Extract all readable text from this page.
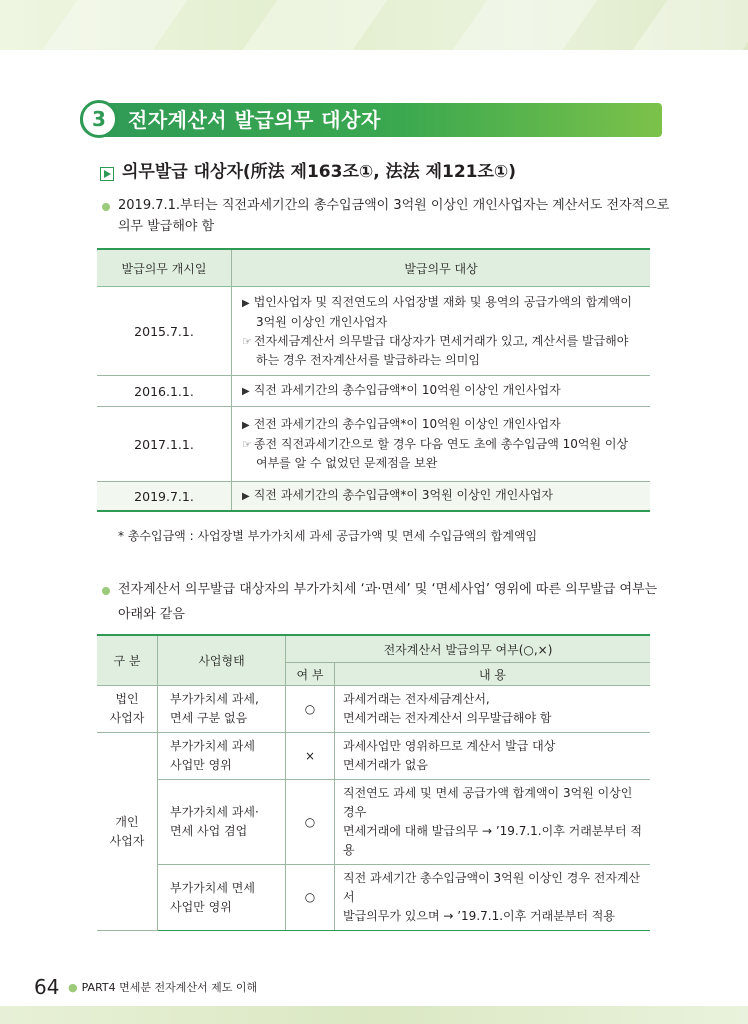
3	전자계산서 발급의무 대상자
의무발급 대상자(所法 제163조①, 法法 제121조①)
2019.7.1.부터는 직전과세기간의 총수입금액이 3억원 이상인 개인사업자는 계산서도 전자적으로
의무 발급해야 함
발급의무 개시일	발급의무 대상
2015.7.1.	▶ 법인사업자 및 직전연도의 사업장별 재화 및 용역의 공급가액의 합계액이
3억원 이상인 개인사업자
☞ 전자세금계산서 의무발급 대상자가 면세거래가 있고, 계산서를 발급해야
하는 경우 전자계산서를 발급하라는 의미임

2016.1.1.	▶ 직전 과세기간의 총수입금액*이 10억원 이상인 개인사업자

2017.1.1.	▶ 전전 과세기간의 총수입금액*이 10억원 이상인 개인사업자
☞ 종전 직전과세기간으로 할 경우 다음 연도 초에 총수입금액 10억원 이상
여부를 알 수 없었던 문제점을 보완

2019.7.1.	▶ 직전 과세기간의 총수입금액*이 3억원 이상인 개인사업자
* 총수입금액 : 사업장별 부가가치세 과세 공급가액 및 면세 수입금액의 합계액임
전자계산서 의무발급 대상자의 부가가치세 ‘과·면세’ 및 ‘면세사업’ 영위에 따른 의무발급 여부는
아래와 같음
구 분	사업형태	전자계산서 발급의무 여부(○,×)	
		여 부	내 용

법인
사업자	부가가치세 과세,
면세 구분 없음	○	과세거래는 전자세금계산서,
면세거래는 전자계산서 의무발급해야 함

개인
사업자	부가가치세 과세
사업만 영위	×	과세사업만 영위하므로 계산서 발급 대상
면세거래가 없음

	부가가치세 과세·
면세 사업 겸업	○	직전연도 과세 및 면세 공급가액 합계액이 3억원 이상인 경우
면세거래에 대해 발급의무 → ’19.7.1.이후 거래분부터 적용

	부가가치세 면세
사업만 영위	○	직전 과세기간 총수입금액이 3억원 이상인 경우 전자계산서
발급의무가 있으며 → ’19.7.1.이후 거래분부터 적용
64 ● PART4 면세분 전자계산서 제도 이해
